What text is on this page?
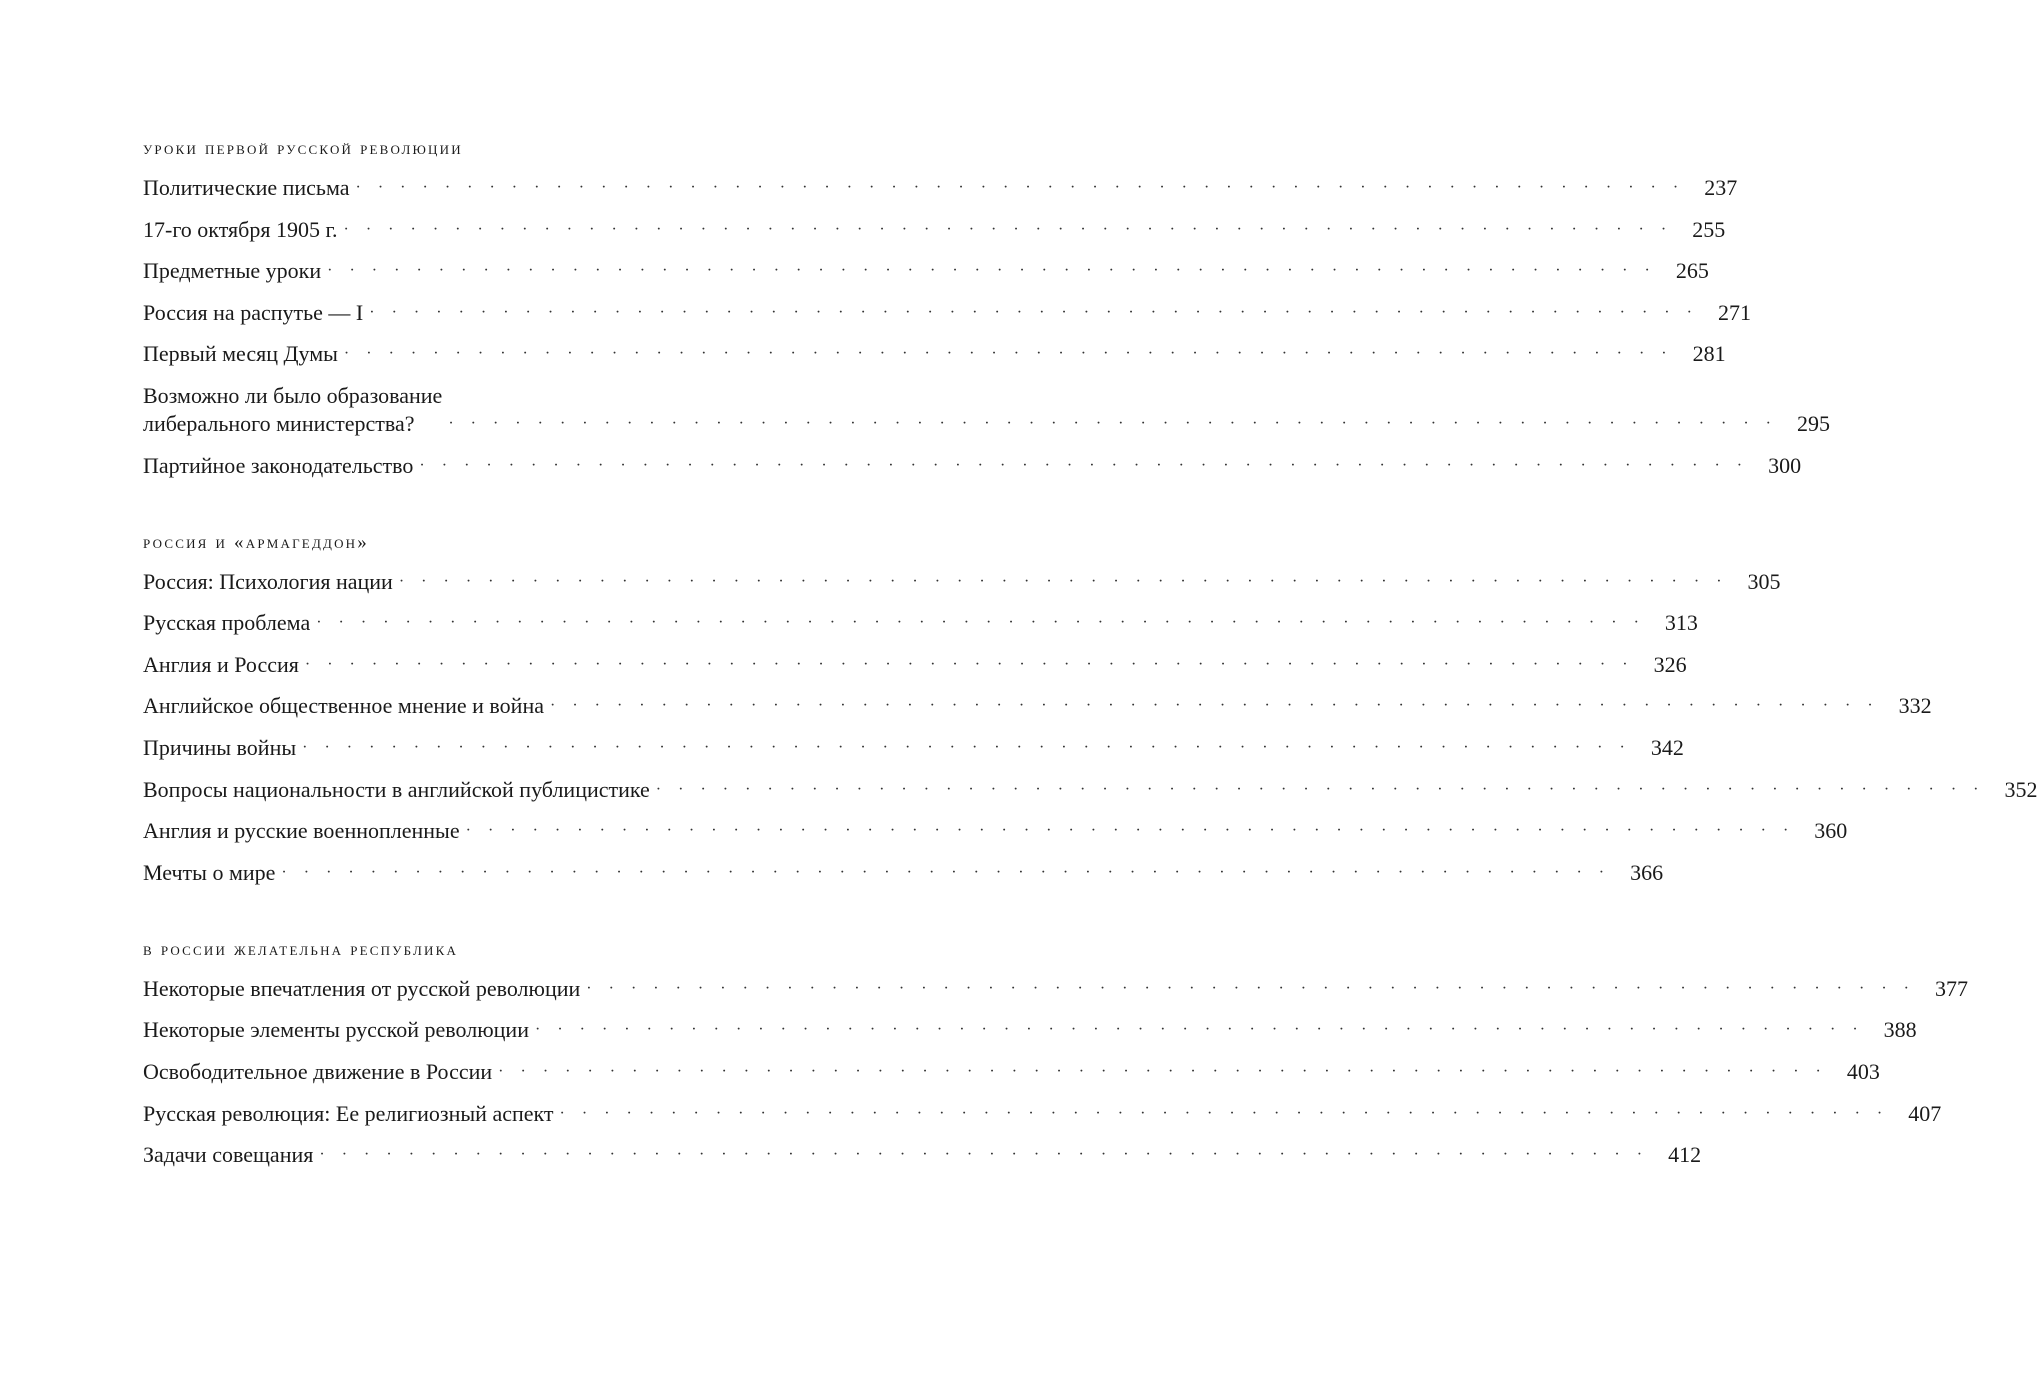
уроки первой русской революции
Политические письма ···························································· 237
17-го октября 1905 г. ···························································· 255
Предметные уроки ···························································· 265
Россия на распутье — I ···························································· 271
Первый месяц Думы ···························································· 281
Возможно ли было образование
либерального министерства?	···························································· 295
Партийное законодательство ···························································· 300
россия и «армагеддон»
Россия: Психология нации ···························································· 305
Русская проблема ···························································· 313
Англия и Россия ···························································· 326
Английское общественное мнение и война ···························································· 332
Причины войны ···························································· 342
Вопросы национальности в английской публицистике ···························································· 352
Англия и русские военнопленные ···························································· 360
Мечты о мире ···························································· 366
в россии желательна республика
Некоторые впечатления от русской революции ···························································· 377
Некоторые элементы русской революции ···························································· 388
Освободительное движение в России ···························································· 403
Русская революция: Ее религиозный аспект ···························································· 407
Задачи совещания ···························································· 412
